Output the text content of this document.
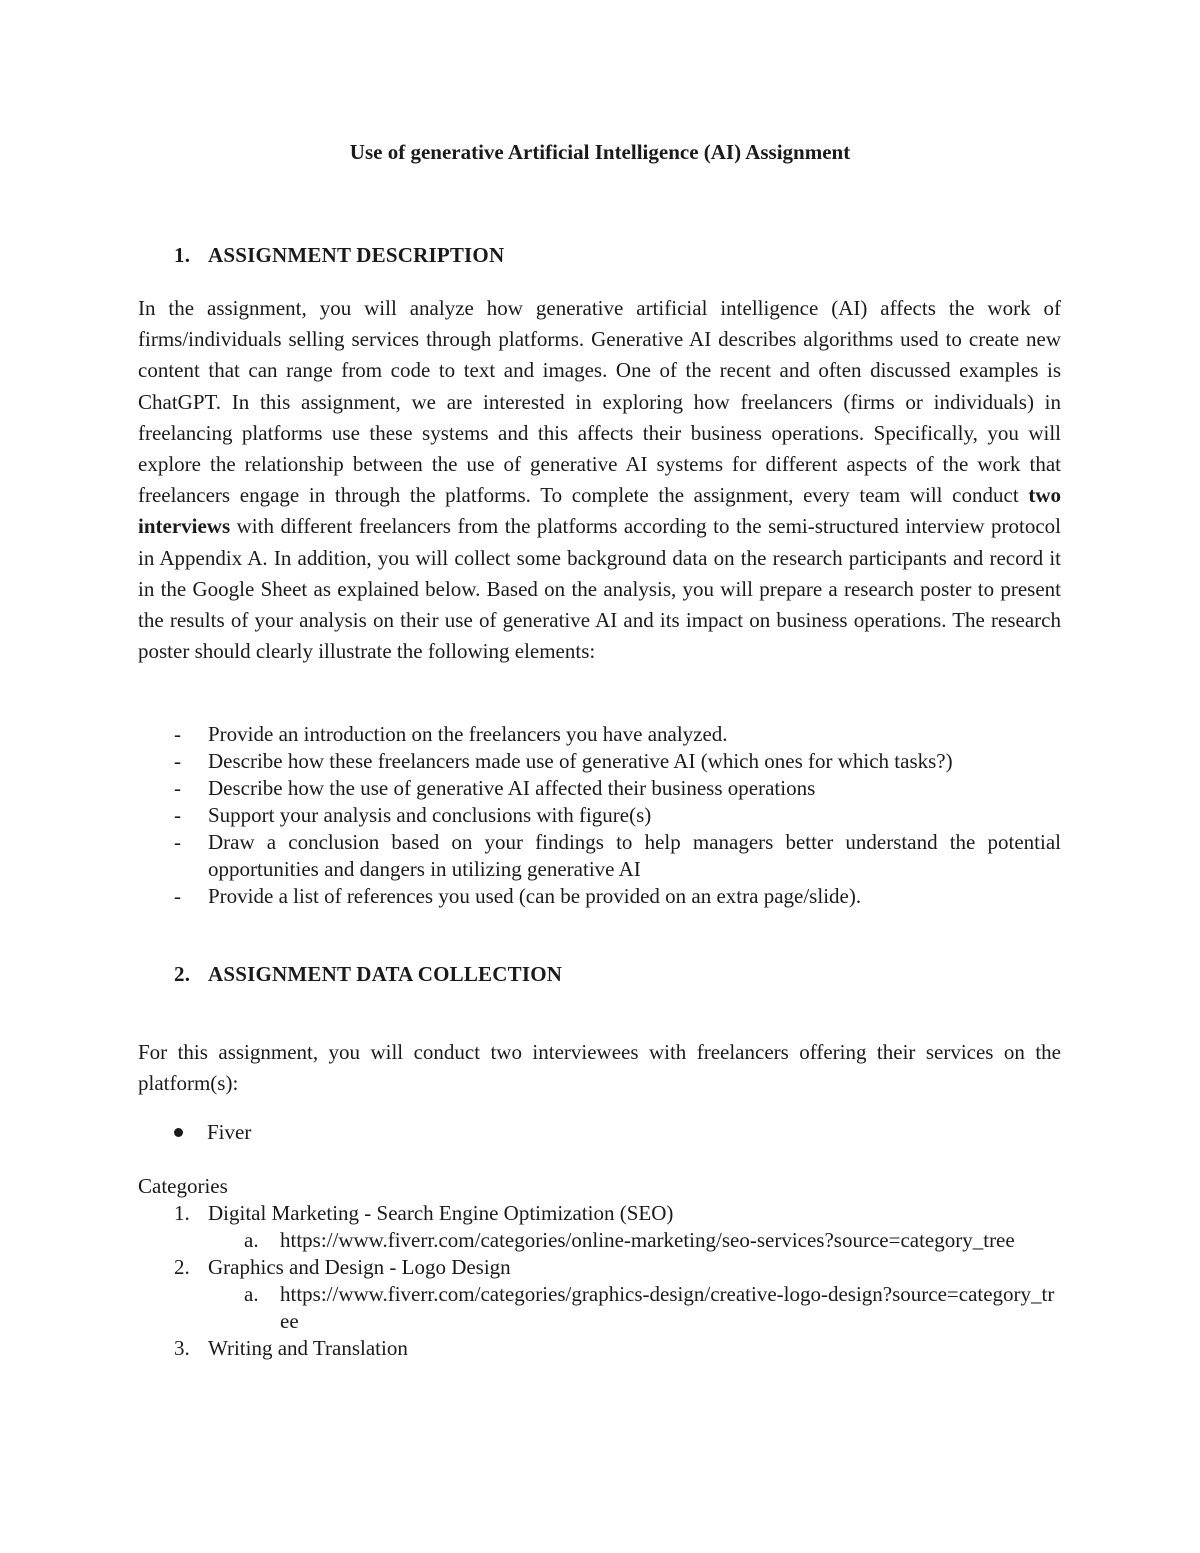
Use of generative Artificial Intelligence (AI) Assignment
1. ASSIGNMENT DESCRIPTION
In the assignment, you will analyze how generative artificial intelligence (AI) affects the work of firms/individuals selling services through platforms. Generative AI describes algorithms used to create new content that can range from code to text and images. One of the recent and often discussed examples is ChatGPT. In this assignment, we are interested in exploring how freelancers (firms or individuals) in freelancing platforms use these systems and this affects their business operations. Specifically, you will explore the relationship between the use of generative AI systems for different aspects of the work that freelancers engage in through the platforms. To complete the assignment, every team will conduct two interviews with different freelancers from the platforms according to the semi-structured interview protocol in Appendix A. In addition, you will collect some background data on the research participants and record it in the Google Sheet as explained below. Based on the analysis, you will prepare a research poster to present the results of your analysis on their use of generative AI and its impact on business operations. The research poster should clearly illustrate the following elements:
- Provide an introduction on the freelancers you have analyzed.
- Describe how these freelancers made use of generative AI (which ones for which tasks?)
- Describe how the use of generative AI affected their business operations
- Support your analysis and conclusions with figure(s)
- Draw a conclusion based on your findings to help managers better understand the potential opportunities and dangers in utilizing generative AI
- Provide a list of references you used (can be provided on an extra page/slide).
2. ASSIGNMENT DATA COLLECTION
For this assignment, you will conduct two interviewees with freelancers offering their services on the platform(s):
Fiver
Categories
1. Digital Marketing - Search Engine Optimization (SEO)
a. https://www.fiverr.com/categories/online-marketing/seo-services?source=category_tree
2. Graphics and Design - Logo Design
a. https://www.fiverr.com/categories/graphics-design/creative-logo-design?source=category_tree
3. Writing and Translation
